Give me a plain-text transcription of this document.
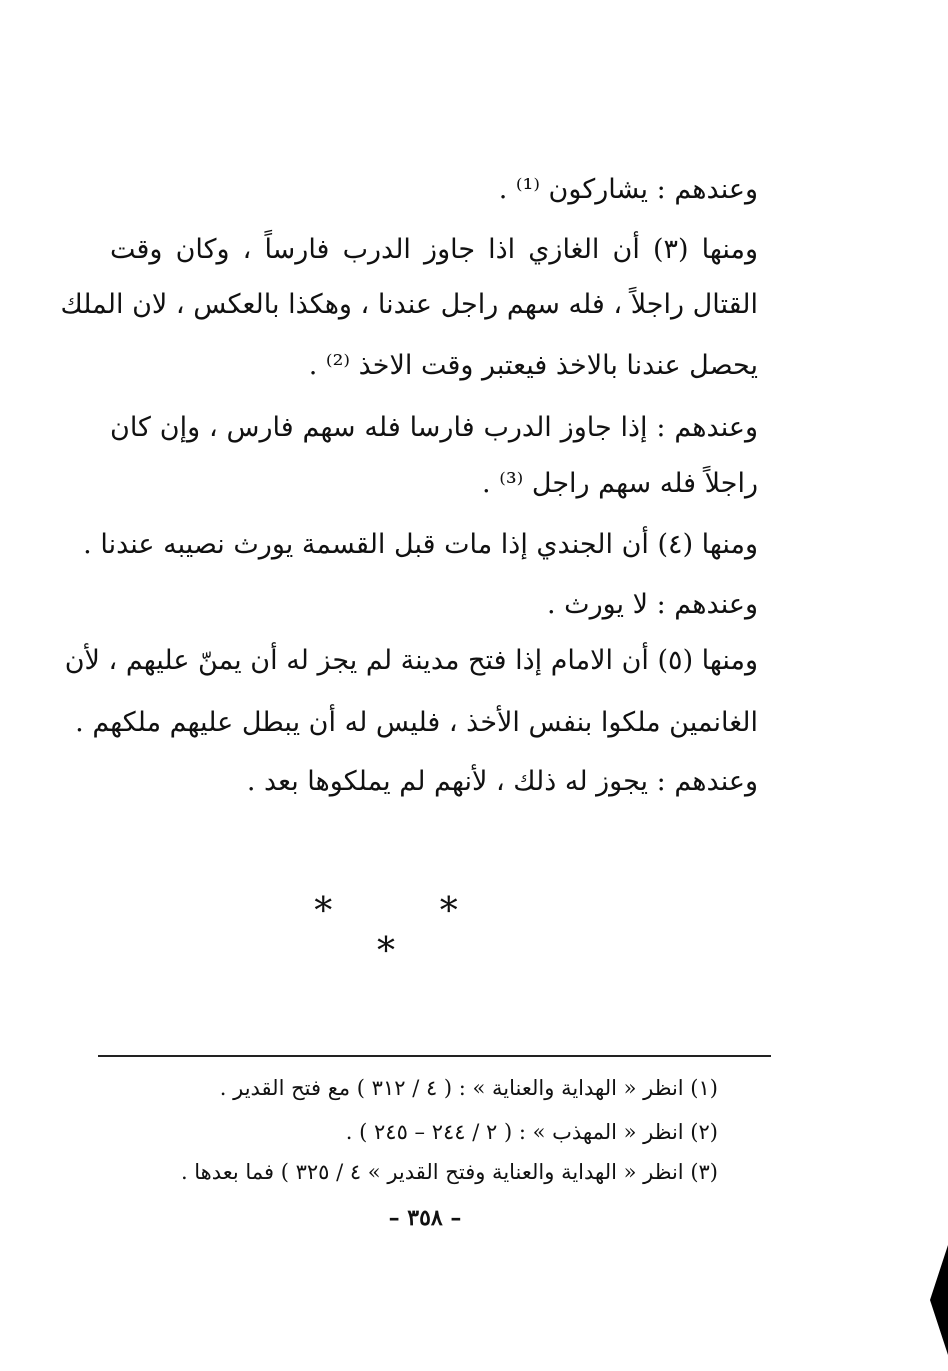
وعندهم : يشاركون ⁽¹⁾ .
ومنها (٣) أن الغازي اذا جاوز الدرب فارساً ، وكان وقت
القتال راجلاً ، فله سهم راجل عندنا ، وهكذا بالعكس ، لان الملك
يحصل عندنا بالاخذ فيعتبر وقت الاخذ ⁽²⁾ .
وعندهم : إذا جاوز الدرب فارسا فله سهم فارس ، وإن كان
راجلاً فله سهم راجل ⁽³⁾ .
ومنها (٤) أن الجندي إذا مات قبل القسمة يورث نصيبه عندنا .
وعندهم : لا يورث .
ومنها (٥) أن الامام إذا فتح مدينة لم يجز له أن يمنّ عليهم ، لأن
الغانمين ملكوا بنفس الأخذ ، فليس له أن يبطل عليهم ملكهم .
وعندهم : يجوز له ذلك ، لأنهم لم يملكوها بعد .
* * *
(١) انظر « الهداية والعناية » : ( ٤ / ٣١٢ ) مع فتح القدير .
(٢) انظر « المهذب » : ( ٢ / ٢٤٤ – ٢٤٥ ) .
(٣) انظر « الهداية والعناية وفتح القدير » ٤ / ٣٢٥ ) فما بعدها .
– ٣٥٨ –
